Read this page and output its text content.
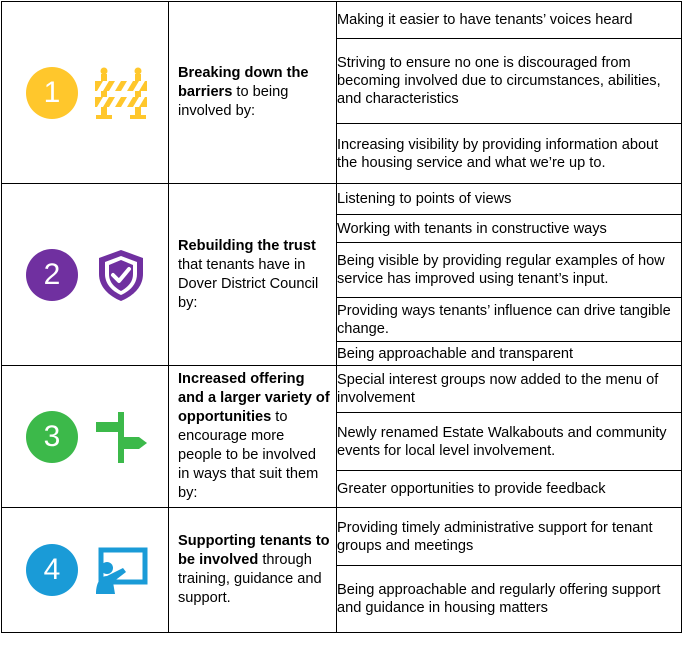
1	Breaking down the barriers to being involved by:	Making it easier to have tenants’ voices heard
		Striving to ensure no one is discouraged from becoming involved due to circumstances, abilities, and characteristics
		Increasing visibility by providing information about the housing service and what we’re up to.

2	Rebuilding the trust that tenants have in Dover District Council by:	Listening to points of views
		Working with tenants in constructive ways
		Being visible by providing regular examples of how service has improved using tenant’s input.
		Providing ways tenants’ influence can drive tangible change.
		Being approachable and transparent

3	Increased offering and a larger variety of opportunities to encourage more people to be involved in ways that suit them by:	Special interest groups now added to the menu of involvement
		Newly renamed Estate Walkabouts and community events for local level involvement.
		Greater opportunities to provide feedback

4	Supporting tenants to be involved through training, guidance and support.	Providing timely administrative support for tenant groups and meetings
		Being approachable and regularly offering support and guidance in housing matters
